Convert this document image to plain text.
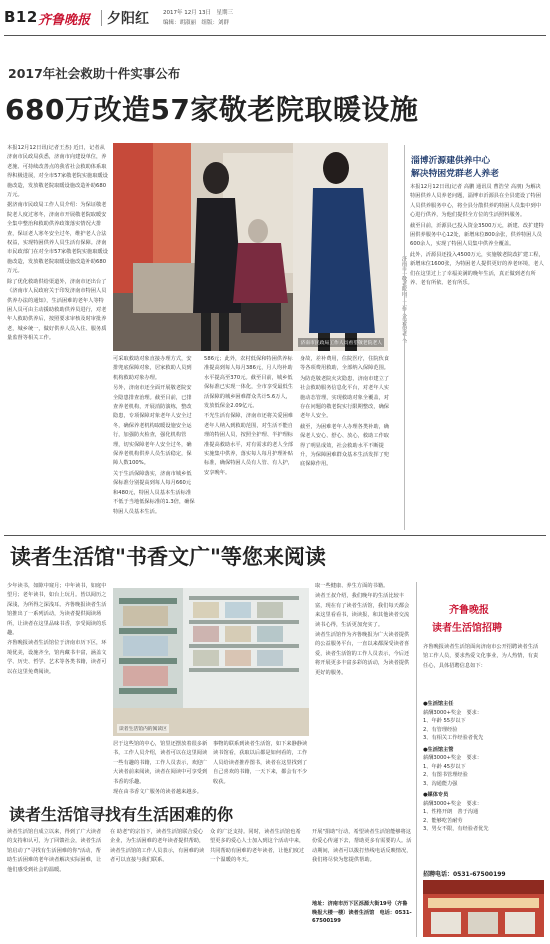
B12 齐鲁晚报 夕阳红	2017年 12月 13日　星期三
编辑：胡淑丽　组版：刘群
2017年社会救助十件实事公布
680万改造57家敬老院取暖设施

本报12月12日讯(记者王杰) 近日，记者从济南市民政局获悉，济南市向建设单位，养老施、可持续改善点的我省社会救助体系取得积极进展，对全市57家敬老院实施取暖设施改造，发放敬老院取暖设施改造补助680万元。

据济南市民政局工作人员介绍：为保证敬老院老人度过寒冬，济南市开展敬老院取暖安全集中整治和救助供养政策落实情况大排查，保证老人寒冬安全过冬，维护老人合法权益，实现特困供养人员生活有保障。济南市民政部门在对全市57家敬老院实施取暖设施改造，发放敬老院取暖设施改造补助680万元。

除了优化救助供给渠道外，济南市还出台了《济南市人民政府关于印发济南市特困人员供养办法的通知》，生活困难的老年人等特困人员可由主动援助救助供养员进行，对老年人救助供养后，按照要求审核及时审批养老，城乡统一，做好供养人员入住、服务质量监督等相关工作。

济南市民政局工作人员看望敬老院老人

可采取救助对象直接办理方式，安排兜底保障对象，居家救助人员到机构救助对象办理。

另外，济南市还全面开展敬老院安全隐患排查治理。截至目前，已排查养老机构，开展消防演练，整改隐患，专项保障对象老年人安全过冬，确保养老机构取暖设施安全运行，加强防火检查，强化机构管理，切实保障老年人安全过冬，确保养老机构供养人员生活稳定，保障人数100%。

关于生活保障落实，济南市城乡低保标准分别提高到每人每月660元和480元，特困人员基本生活标准不低于当地低保标准的1.3倍，确保特困人员基本生活。

586元；此外，农村低保和特困供养标准提高到每人每月386元，月人均补助水平提高至370元。截至目前，城乡低保标准已实现一体化，全市享受最低生活保障的城乡困难群众共计5.6万人，发放低保金2.09亿元。

不光生活有保障，济南市还将关爱困难老年人纳入到救助范围，对生活不能自理的特困人员，按照全护理、半护理标准提高救助水平，对有需求的老人全部实施集中供养，落实每人每月护理补贴标准，确保特困人员有人管、有人护，安享晚年。

身故，差补费用，住院医疗，住院伙食等各项费用救助，全部纳入保障范围。

为防范敬老院火灾隐患，济南市建立了社会救助服务信息化平台，对老年人实施动态管理，实现救助对象全覆盖，对存在问题的敬老院实行限期整改，确保老年人安全。

截至，为困难老年人办理各类补助，确保老人安心、舒心、放心，救助工作取得了明显成效，社会救助水平不断提升，为保障困难群众基本生活发挥了兜底保障作用。

淄博沂源建供养中心
解决特困党群老人养老

本报12月12日讯(记者 高鹏 通讯员 曹浩莹 高朋) 为解决特困供养人员养老问题，淄博市沂源县在全县建设了特困人员供养服务中心，将全县分散供养的特困人员集中到中心进行供养，为他们提供全方位的生活照料服务。

截至目前，沂源县已投入资金3500万元，新建、改扩建特困供养服务中心12处，新增床位800余张，供养特困人员600余人，实现了特困人员集中供养全覆盖。

此外，沂源县还投入4500万元，实施敬老院改扩建工程，新增床位1600张，为特困老人提供更好的养老环境，老人们在这里过上了幸福美满的晚年生活，真正做到老有所养、老有所依、老有所乐。

读者生活馆"书香文广"等您来阅读

少年读书，如隙中窥月；中年读书，如庭中望月；老年读书，如台上玩月。皆以阅历之深浅，为所得之深浅耳。齐鲁晚报读者生活馆推出了一系列活动，为读者提供阅读场所，让读者在这里品味书香，享受阅读的乐趣。

齐鲁晚报读者生活馆位于济南市历下区，环境优美，设施齐全，馆内藏书丰富，涵盖文学、历史、哲学、艺术等各类书籍，读者可以在这里免费阅读。

读者生活馆内的阅读区

居于这些馆的中心，馆里还摆放着很多新书，工作人员介绍，读者可以在这里阅读一些有趣的书籍，工作人员表示，欢迎广大读者前来阅读，读者在阅读中可享受到书香的乐趣。

现在由书香文广服务的读者越来越多。

事物的联系到读者生活馆，如下来静静读读书馆看，获取以后都是如何看的，工作人员给读者推荐图书，读者在这里找到了自己喜欢的书籍，一天下来，都会有不少收获。

取一些健康、养生方面的书籍。

读者王叔介绍，我们晚年的生活比较丰富，现在有了读者生活馆，我们每天都会来这里看看书，读读报，和其他读者交流读书心得，生活更加充实了。

读者生活馆作为齐鲁晚报为广大读者提供的公益服务平台，一直以来都深受读者喜爱，读者生活馆的工作人员表示，今后还将开展更多丰富多彩的活动，为读者提供更好的服务。

齐鲁晚报
读者生活馆招聘

齐鲁晚报读者生活馆面向济南市公开招聘读者生活馆工作人员，要求热爱文化事业，为人热情，有责任心，具体招聘信息如下：

●生活馆主任
薪酬3000+奖金　要求：
1、年龄 55岁以下
2、有管理经验
3、有相关工作经验者优先
●生活馆主管
薪酬3000+奖金　要求：
1、年龄 45岁以下
2、有图书管理经验
3、沟通能力强
●媒体专员
薪酬3000+奖金　要求：
1、性格开朗　善于沟通
2、能够吃苦耐劳
3、男女不限，有经验者优先
招聘电话：0531-67500199
读者生活馆寻找有生活困难的你

读者生活馆自成立以来，得到了广大读者的支持和认可，为了回馈社会，读者生活馆启动了"寻找有生活困难的你"活动，帮助生活困难的老年读者解决实际困难，让他们感受到社会的温暖。

在 助老"的宗旨下，读者生活馆联合爱心企业，为生活困难的老年读者提供帮助，读者生活馆的工作人员表示，有困难的读者可以直接与我们联系。

众 的广泛支持。同时，读者生活馆也希望更多的爱心人士加入到这个活动中来，共同帮助有困难的老年读者，让他们度过一个温暖的冬天。

开展"捐助"行动，希望读者生活馆能够将这份爱心传递下去，帮助更多有需要的人。活动期间，读者可以拨打热线电话反映情况，我们将尽快为您提供帮助。

地址：济南市历下区泺源大街19号（齐鲁晚报大楼一楼）读者生活馆　电话：0531-67500199
